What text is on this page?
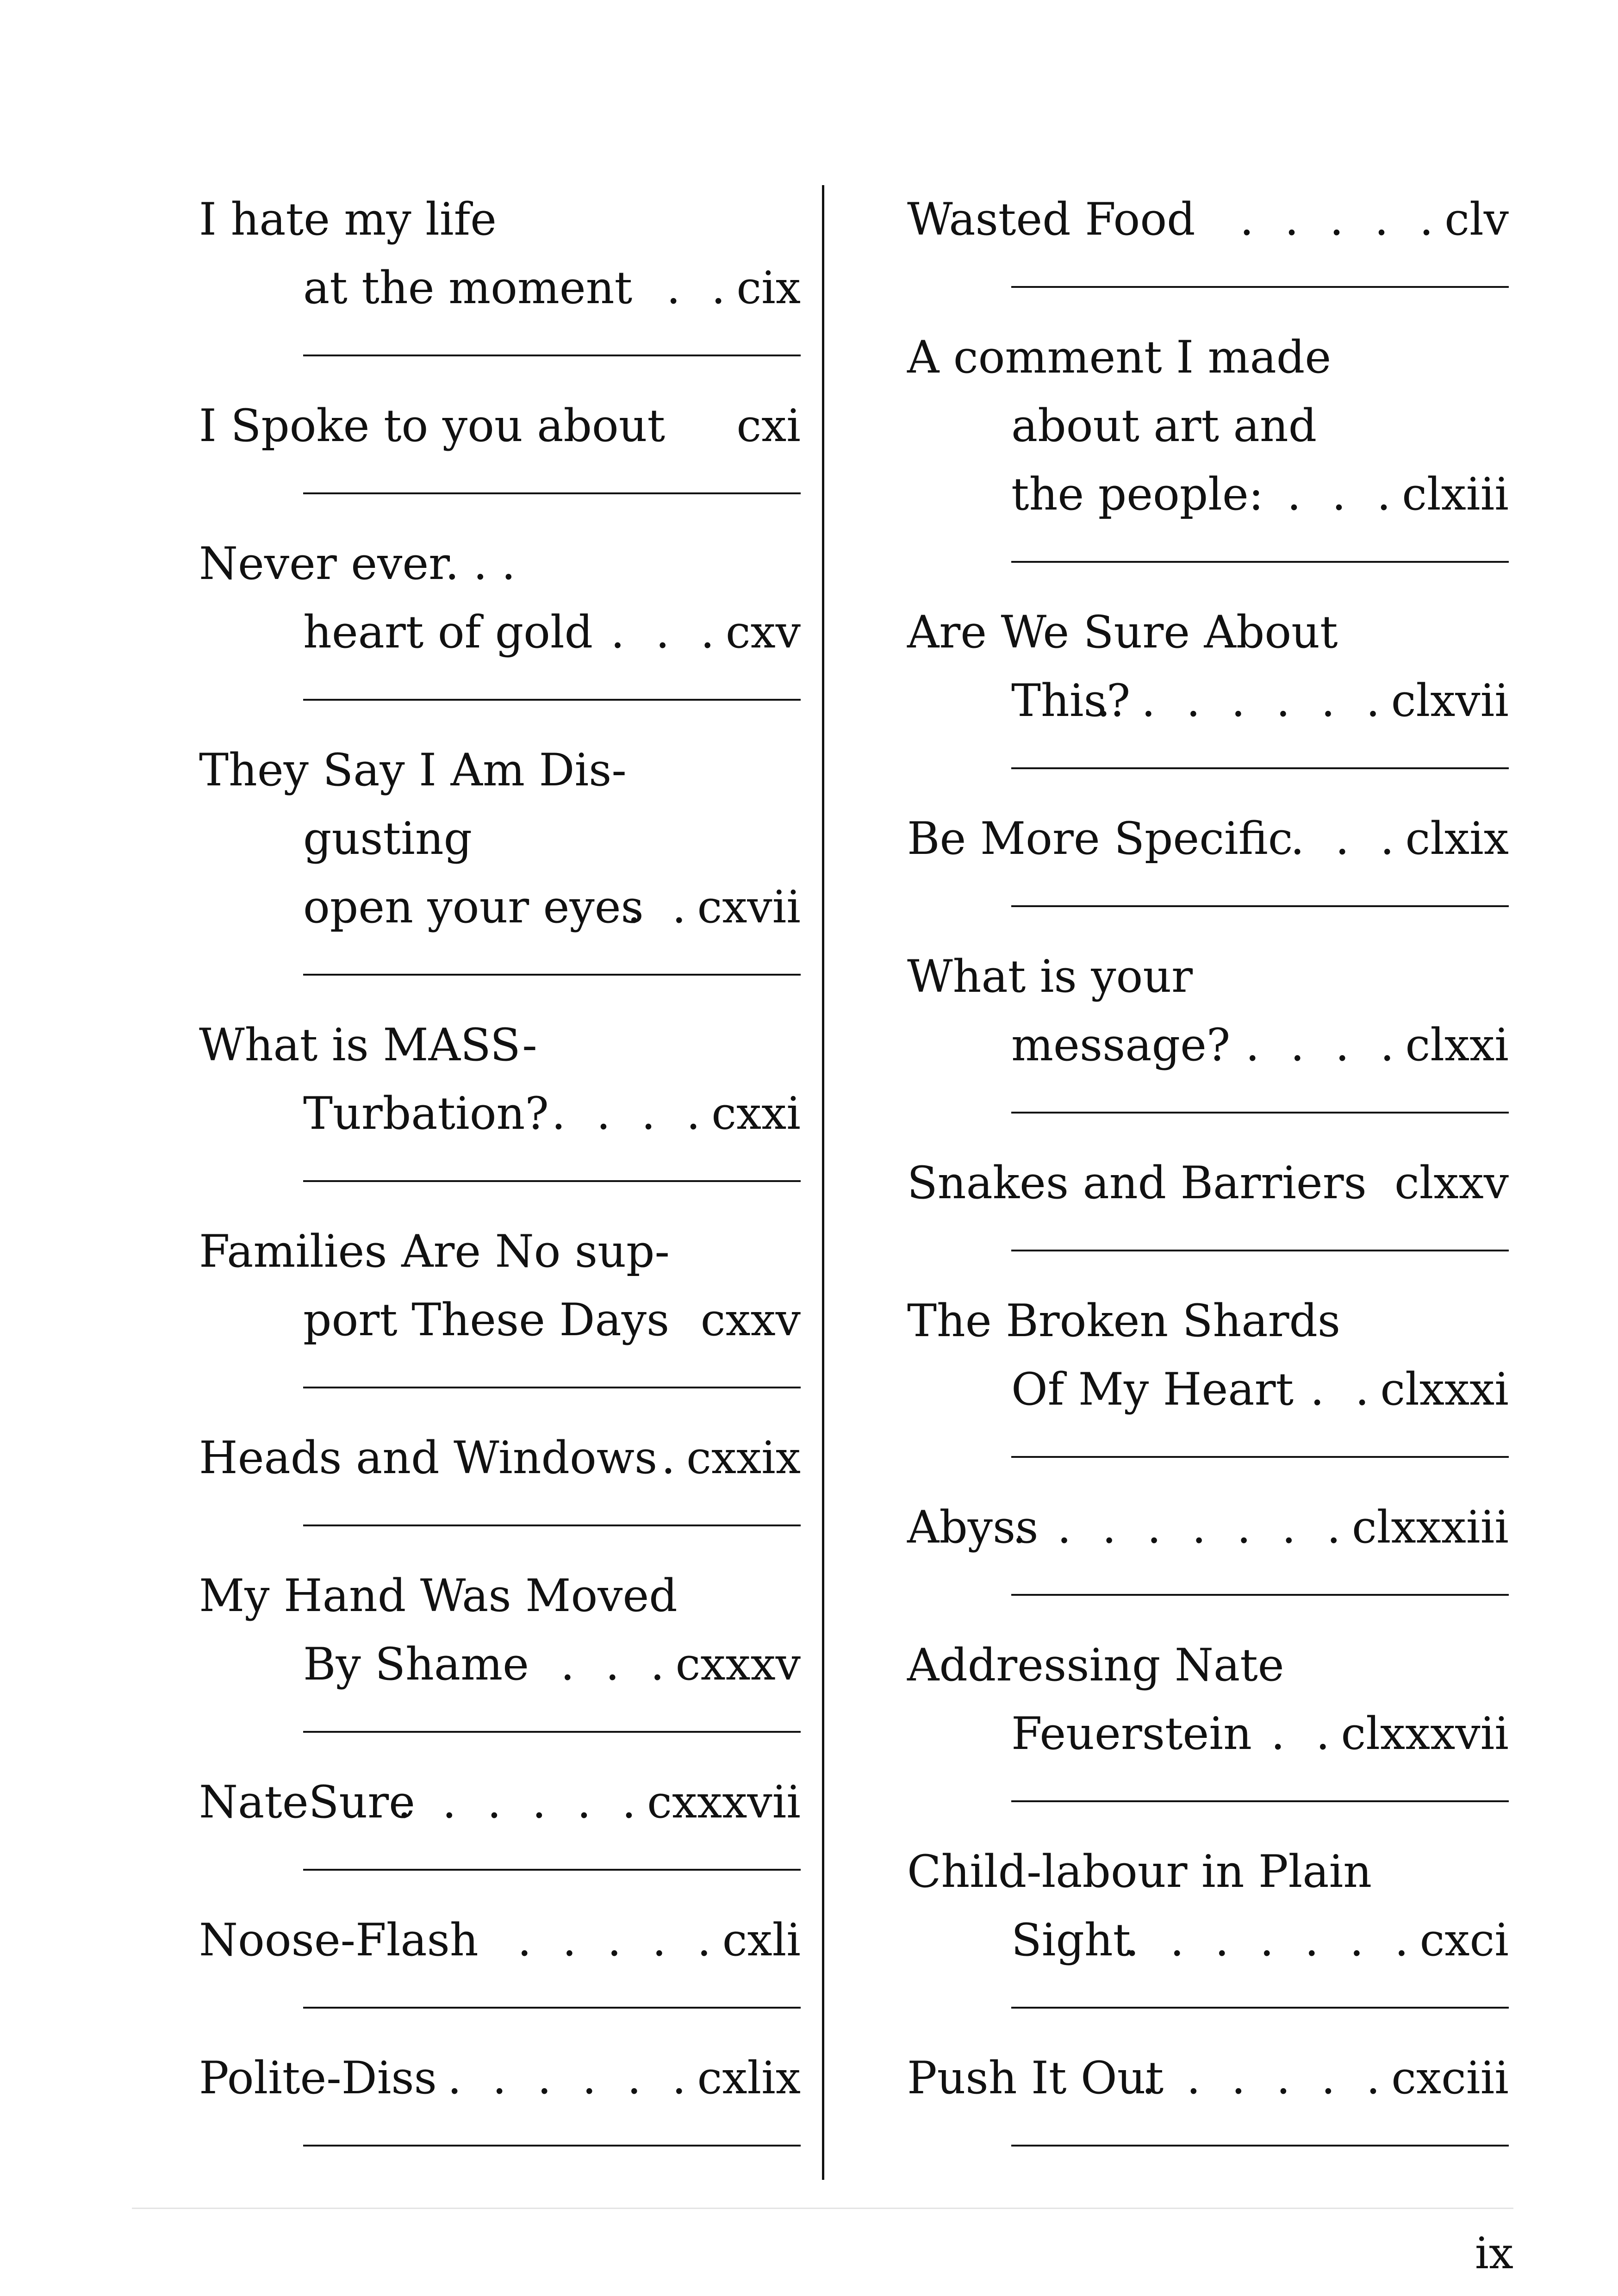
I hate my life
at the moment . .cix
I Spoke to you about cxi
Never ever. . .
heart of gold . . .cxv
They Say I Am Dis-
gusting
open your eyes
. .cxvii
What is MASS-
Turbation? . . . .cxxi
Families Are No sup-
port These Days cxxv
Heads and Windows .cxxix
My Hand Was Moved
By Shame . . .cxxxv
NateSure
. . . . . .cxxxvii
Noose-Flash . . . . .cxli
Polite-Diss . . . . . .cxlix
Wasted Food . . . . .clv
A comment I made
about art and
the people: . . .clxiii
Are We Sure About
This?
. . . . . . .clxvii
Be More Specific
. . .clxix
What is your
message? . . . .clxxi
Snakes and Barriers clxxv
The Broken Shards
Of My Heart . .clxxxi
Abyss
. . . . . . . .clxxxiii
Addressing Nate
Feuerstein . .clxxxvii
Child-labour in Plain
Sight
. . . . . . .cxci
Push It Out
. . . . . .cxciii
ix
